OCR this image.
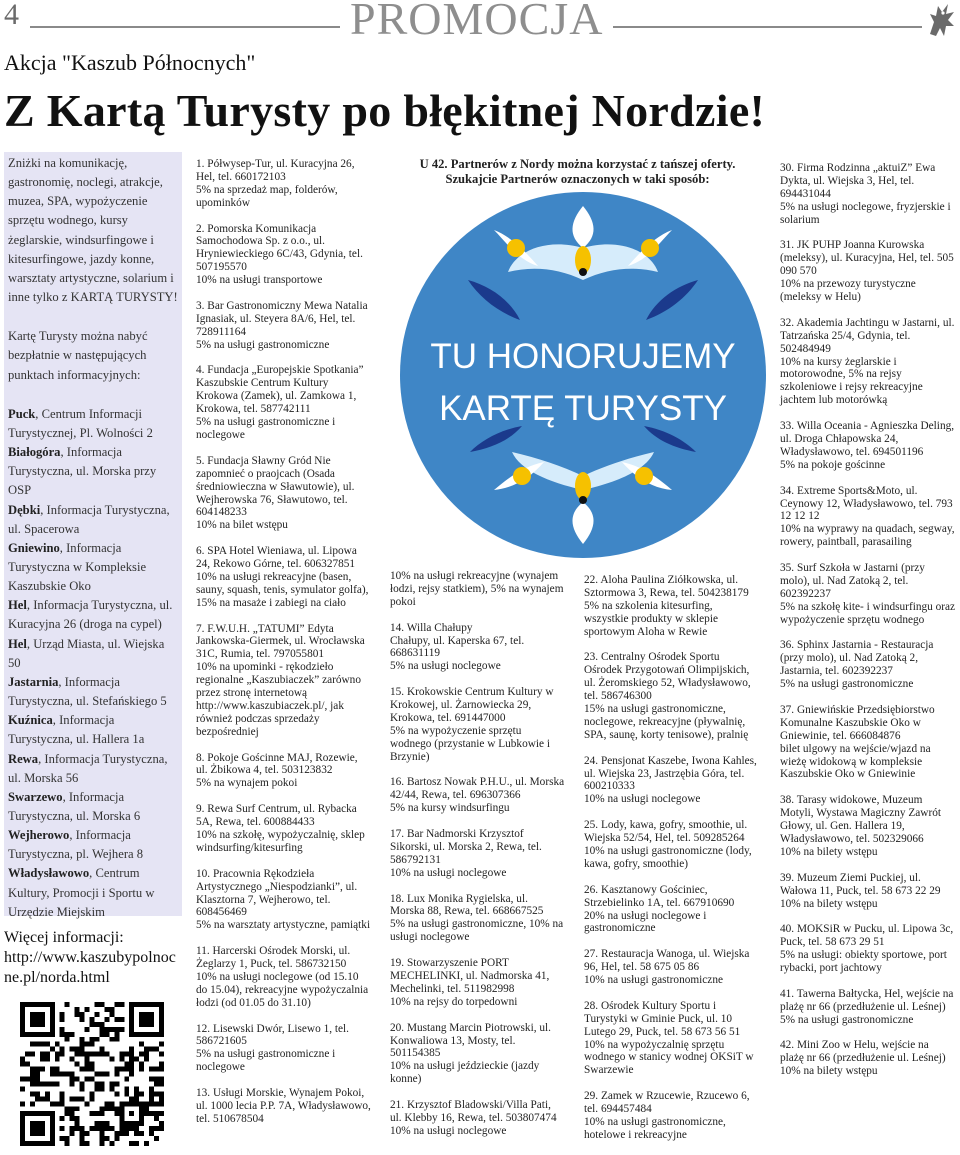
4	PROMOCJA
Akcja "Kaszub Północnych"
Z Kartą Turysty po błękitnej Nordzie!

Zniżki na komunikację, gastronomię, noclegi, atrakcje, muzea, SPA, wypożyczenie sprzętu wodnego, kursy żeglarskie, windsurfingowe i kitesurfingowe, jazdy konne, warsztaty artystyczne, solarium i inne tylko z KARTĄ TURYSTY!

Kartę Turysty można nabyć bezpłatnie w następujących punktach informacyjnych:

Puck, Centrum Informacji Turystycznej, Pl. Wolności 2
Białogóra, Informacja Turystyczna, ul. Morska przy OSP
Dębki, Informacja Turystyczna, ul. Spacerowa
Gniewino, Informacja Turystyczna w Kompleksie Kaszubskie Oko
Hel, Informacja Turystyczna, ul. Kuracyjna 26 (droga na cypel)
Hel, Urząd Miasta, ul. Wiejska 50
Jastarnia, Informacja Turystyczna, ul. Stefańskiego 5
Kuźnica, Informacja Turystyczna, ul. Hallera 1a
Rewa, Informacja Turystyczna, ul. Morska 56
Swarzewo, Informacja Turystyczna, ul. Morska 6
Wejherowo, Informacja Turystyczna, pl. Wejhera 8
Władysławowo, Centrum Kultury, Promocji i Sportu w Urzędzie Miejskim
Więcej informacji:
http://www.kaszubypolnocne.pl/norda.html
1. Półwysep-Tur, ul. Kuracyjna 26,
Hel, tel. 660172103
5% na sprzedaż map, folderów,
upominków
2. Pomorska Komunikacja
Samochodowa Sp. z o.o., ul.
Hryniewieckiego 6C/43, Gdynia, tel.
507195570
10% na usługi transportowe
3. Bar Gastronomiczny Mewa Natalia
Ignasiak, ul. Steyera 8A/6, Hel, tel.
728911164
5% na usługi gastronomiczne
4. Fundacja „Europejskie Spotkania”
Kaszubskie Centrum Kultury
Krokowa (Zamek), ul. Zamkowa 1,
Krokowa, tel. 587742111
5% na usługi gastronomiczne i
noclegowe
5. Fundacja Sławny Gród Nie
zapomnieć o praojcach (Osada
średniowieczna w Sławutowie), ul.
Wejherowska 76, Sławutowo, tel.
604148233
10% na bilet wstępu
6. SPA Hotel Wieniawa, ul. Lipowa
24, Rekowo Górne, tel. 606327851
10% na usługi rekreacyjne (basen,
sauny, squash, tenis, symulator golfa),
15% na masaże i zabiegi na ciało
7. F.W.U.H. „TATUMI” Edyta
Jankowska-Giermek, ul. Wrocławska
31C, Rumia, tel. 797055801
10% na upominki - rękodzieło
regionalne „Kaszubiaczek” zarówno
przez stronę internetową
http://www.kaszubiaczek.pl/, jak
również podczas sprzedaży
bezpośredniej
8. Pokoje Gościnne MAJ, Rozewie,
ul. Żbikowa 4, tel. 503123832
5% na wynajem pokoi
9. Rewa Surf Centrum, ul. Rybacka
5A, Rewa, tel. 600884433
10% na szkołę, wypożyczalnię, sklep
windsurfing/kitesurfing
10. Pracownia Rękodzieła
Artystycznego „Niespodzianki”, ul.
Klasztorna 7, Wejherowo, tel.
608456469
5% na warsztaty artystyczne, pamiątki
11. Harcerski Ośrodek Morski, ul.
Żeglarzy 1, Puck, tel. 586732150
10% na usługi noclegowe (od 15.10
do 15.04), rekreacyjne wypożyczalnia
łodzi (od 01.05 do 31.10)
12. Lisewski Dwór, Lisewo 1, tel.
586721605
5% na usługi gastronomiczne i
noclegowe
13. Usługi Morskie, Wynajem Pokoi,
ul. 1000 lecia P.P. 7A, Władysławowo,
tel. 510678504
U 42. Partnerów z Nordy można korzystać z tańszej oferty.
Szukajcie Partnerów oznaczonych w taki sposób:
TU HONORUJEMY
KARTĘ TURYSTY
10% na usługi rekreacyjne (wynajem
łodzi, rejsy statkiem), 5% na wynajem
pokoi
14. Willa Chałupy
Chałupy, ul. Kaperska 67, tel.
668631119
5% na usługi noclegowe
15. Krokowskie Centrum Kultury w
Krokowej, ul. Żarnowiecka 29,
Krokowa, tel. 691447000
5% na wypożyczenie sprzętu
wodnego (przystanie w Lubkowie i
Brzynie)
16. Bartosz Nowak P.H.U., ul. Morska
42/44, Rewa, tel. 696307366
5% na kursy windsurfingu
17. Bar Nadmorski Krzysztof
Sikorski, ul. Morska 2, Rewa, tel.
586792131
10% na usługi noclegowe
18. Lux Monika Rygielska, ul.
Morska 88, Rewa, tel. 668667525
5% na usługi gastronomiczne, 10% na
usługi noclegowe
19. Stowarzyszenie PORT
MECHELINKI, ul. Nadmorska 41,
Mechelinki, tel. 511982998
10% na rejsy do torpedowni
20. Mustang Marcin Piotrowski, ul.
Konwaliowa 13, Mosty, tel.
501154385
10% na usługi jeździeckie (jazdy
konne)
21. Krzysztof Bladowski/Villa Pati,
ul. Klebby 16, Rewa, tel. 503807474
10% na usługi noclegowe
22. Aloha Paulina Ziółkowska, ul.
Sztormowa 3, Rewa, tel. 504238179
5% na szkolenia kitesurfing,
wszystkie produkty w sklepie
sportowym Aloha w Rewie
23. Centralny Ośrodek Sportu
Ośrodek Przygotowań Olimpijskich,
ul. Żeromskiego 52, Władysławowo,
tel. 586746300
15% na usługi gastronomiczne,
noclegowe, rekreacyjne (pływalnię,
SPA, saunę, korty tenisowe), pralnię
24. Pensjonat Kaszebe, Iwona Kahles,
ul. Wiejska 23, Jastrzębia Góra, tel.
600210333
10% na usługi noclegowe
25. Lody, kawa, gofry, smoothie, ul.
Wiejska 52/54, Hel, tel. 509285264
10% na usługi gastronomiczne (lody,
kawa, gofry, smoothie)
26. Kasztanowy Gościniec,
Strzebielinko 1A, tel. 667910690
20% na usługi noclegowe i
gastronomiczne
27. Restauracja Wanoga, ul. Wiejska
96, Hel, tel. 58 675 05 86
10% na usługi gastronomiczne
28. Ośrodek Kultury Sportu i
Turystyki w Gminie Puck, ul. 10
Lutego 29, Puck, tel. 58 673 56 51
10% na wypożyczalnię sprzętu
wodnego w stanicy wodnej OKSiT w
Swarzewie
29. Zamek w Rzucewie, Rzucewo 6,
tel. 694457484
10% na usługi gastronomiczne,
hotelowe i rekreacyjne
30. Firma Rodzinna „aktuiZ” Ewa
Dykta, ul. Wiejska 3, Hel, tel.
694431044
5% na usługi noclegowe, fryzjerskie i
solarium
31. JK PUHP Joanna Kurowska
(meleksy), ul. Kuracyjna, Hel, tel. 505
090 570
10% na przewozy turystyczne
(meleksy w Helu)
32. Akademia Jachtingu w Jastarni, ul.
Tatrzańska 25/4, Gdynia, tel.
502484949
10% na kursy żeglarskie i
motorowodne, 5% na rejsy
szkoleniowe i rejsy rekreacyjne
jachtem lub motorówką
33. Willa Oceania - Agnieszka Deling,
ul. Droga Chłapowska 24,
Władysławowo, tel. 694501196
5% na pokoje gościnne
34. Extreme Sports&Moto, ul.
Ceynowy 12, Władysławowo, tel. 793
12 12 12
10% na wyprawy na quadach, segway,
rowery, paintball, parasailing
35. Surf Szkoła w Jastarni (przy
molo), ul. Nad Zatoką 2, tel.
602392237
5% na szkołę kite- i windsurfingu oraz
wypożyczenie sprzętu wodnego
36. Sphinx Jastarnia - Restauracja
(przy molo), ul. Nad Zatoką 2,
Jastarnia, tel. 602392237
5% na usługi gastronomiczne
37. Gniewińskie Przedsiębiorstwo
Komunalne Kaszubskie Oko w
Gniewinie, tel. 666084876
bilet ulgowy na wejście/wjazd na
wieżę widokową w kompleksie
Kaszubskie Oko w Gniewinie
38. Tarasy widokowe, Muzeum
Motyli, Wystawa Magiczny Zawrót
Głowy, ul. Gen. Hallera 19,
Władysławowo, tel. 502329066
10% na bilety wstępu
39. Muzeum Ziemi Puckiej, ul.
Wałowa 11, Puck, tel. 58 673 22 29
10% na bilety wstępu
40. MOKSiR w Pucku, ul. Lipowa 3c,
Puck, tel. 58 673 29 51
5% na usługi: obiekty sportowe, port
rybacki, port jachtowy
41. Tawerna Bałtycka, Hel, wejście na
plażę nr 66 (przedłużenie ul. Leśnej)
5% na usługi gastronomiczne
42. Mini Zoo w Helu, wejście na
plażę nr 66 (przedłużenie ul. Leśnej)
10% na bilety wstępu
